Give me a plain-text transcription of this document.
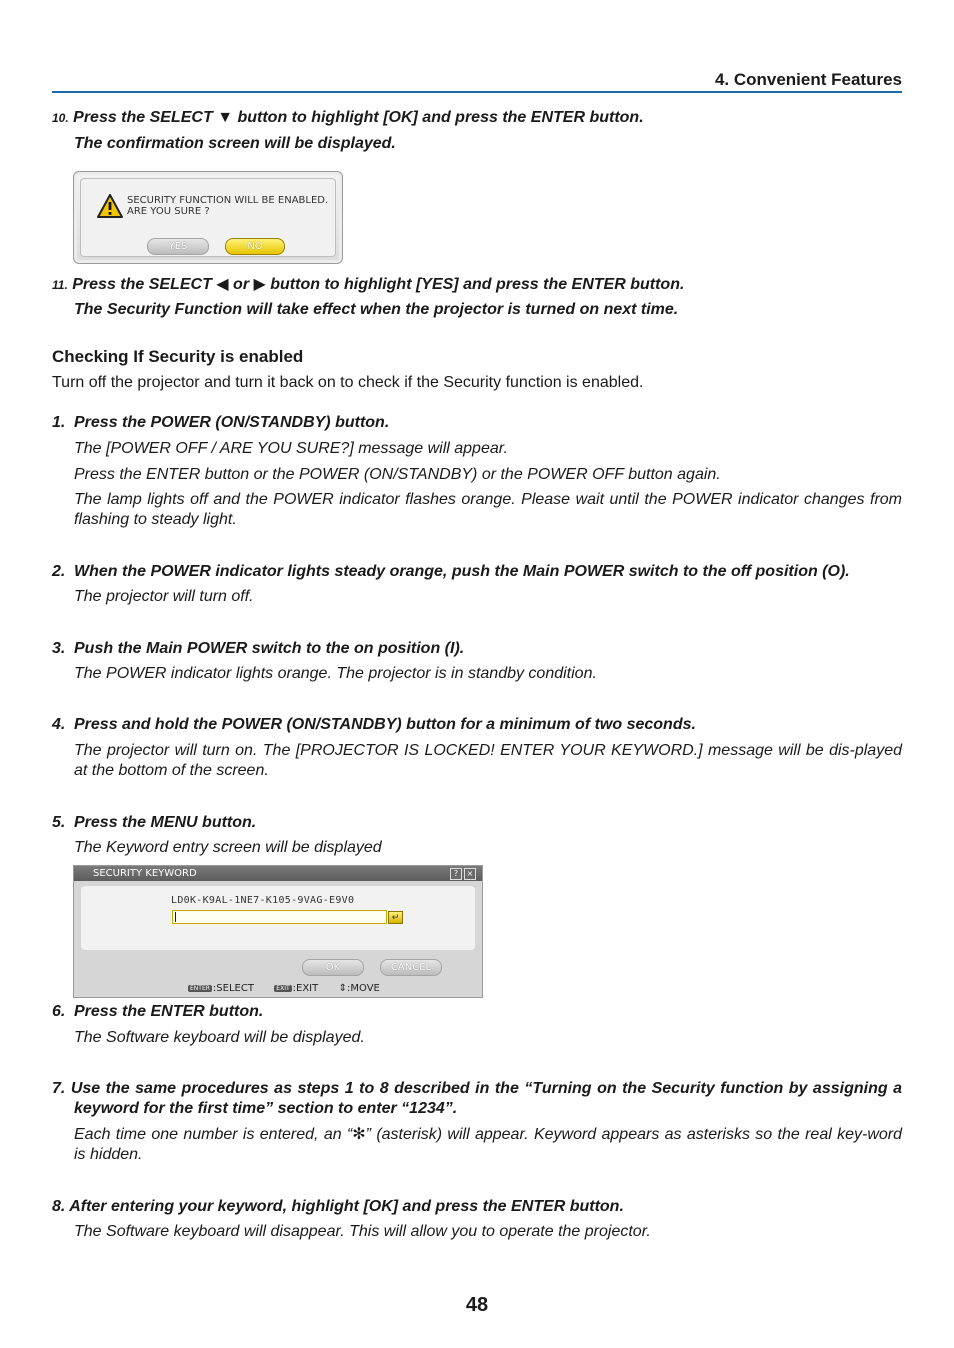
4. Convenient Features
10. Press the SELECT ▼ button to highlight [OK] and press the ENTER button.
The confirmation screen will be displayed.
SECURITY FUNCTION WILL BE ENABLED.
ARE YOU SURE ?
YES	NO
11. Press the SELECT ◀ or ▶ button to highlight [YES] and press the ENTER button.
The Security Function will take effect when the projector is turned on next time.
Checking If Security is enabled
Turn off the projector and turn it back on to check if the Security function is enabled.
1. Press the POWER (ON/STANDBY) button.
The [POWER OFF / ARE YOU SURE?] message will appear.
Press the ENTER button or the POWER (ON/STANDBY) or the POWER OFF button again.
The lamp lights off and the POWER indicator flashes orange. Please wait until the POWER indicator changes from flashing to steady light.
2. When the POWER indicator lights steady orange, push the Main POWER switch to the off position (O).
The projector will turn off.
3. Push the Main POWER switch to the on position (I).
The POWER indicator lights orange. The projector is in standby condition.
4. Press and hold the POWER (ON/STANDBY) button for a minimum of two seconds.
The projector will turn on. The [PROJECTOR IS LOCKED! ENTER YOUR KEYWORD.] message will be dis-played at the bottom of the screen.
5. Press the MENU button.
The Keyword entry screen will be displayed
SECURITY KEYWORD	?	×
LD0K-K9AL-1NE7-K105-9VAG-E9V0
↵
OK	CANCEL
ENTER :SELECT	EXIT :EXIT ⇕:MOVE
6. Press the ENTER button.
The Software keyboard will be displayed.
7. Use the same procedures as steps 1 to 8 described in the “Turning on the Security function by assigning a keyword for the first time” section to enter “1234”.
Each time one number is entered, an “✻” (asterisk) will appear. Keyword appears as asterisks so the real key-word is hidden.
8. After entering your keyword, highlight [OK] and press the ENTER button.
The Software keyboard will disappear. This will allow you to operate the projector.
48
